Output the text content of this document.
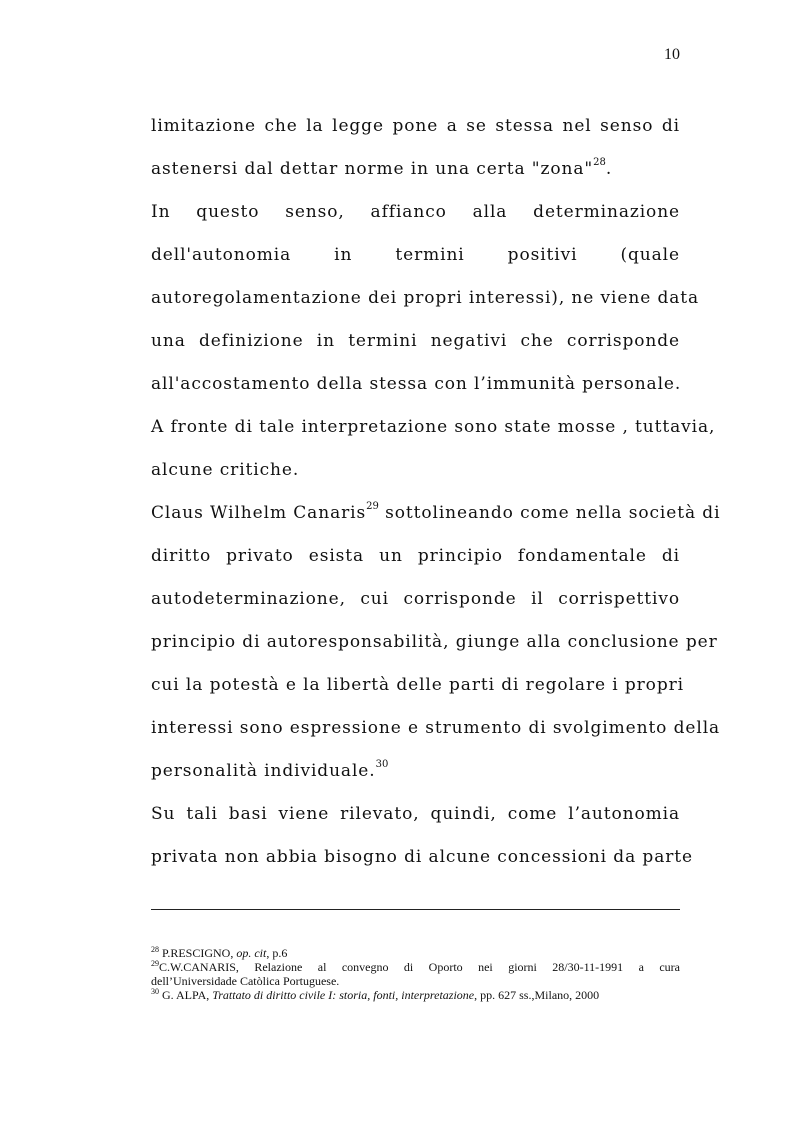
10
limitazione che la legge pone a se stessa nel senso di
astenersi dal dettar norme in una certa "zona"$^{28}$.
In questo senso, affianco alla determinazione
dell'autonomia in termini positivi (quale
autoregolamentazione dei propri interessi), ne viene data
una definizione in termini negativi che corrisponde
all'accostamento della stessa con l’immunità personale.
A fronte di tale interpretazione sono state mosse , tuttavia,
alcune critiche.
Claus Wilhelm Canaris$^{29}$ sottolineando come nella società di
diritto privato esista un principio fondamentale di
autodeterminazione, cui corrisponde il corrispettivo
principio di autoresponsabilità, giunge alla conclusione per
cui la potestà e la libertà delle parti di regolare i propri
interessi sono espressione e strumento di svolgimento della
personalità individuale.$^{30}$
Su tali basi viene rilevato, quindi, come l’autonomia
privata non abbia bisogno di alcune concessioni da parte
$^{28}$ P.RESCIGNO, op. cit, p.6
$^{29}$C.W.CANARIS, Relazione al convegno di Oporto nei giorni 28/30-11-1991 a cura
dell’Universidade Catòlica Portuguese.
$^{30}$ G. ALPA, Trattato di diritto civile I: storia, fonti, interpretazione, pp. 627 ss.,Milano, 2000
